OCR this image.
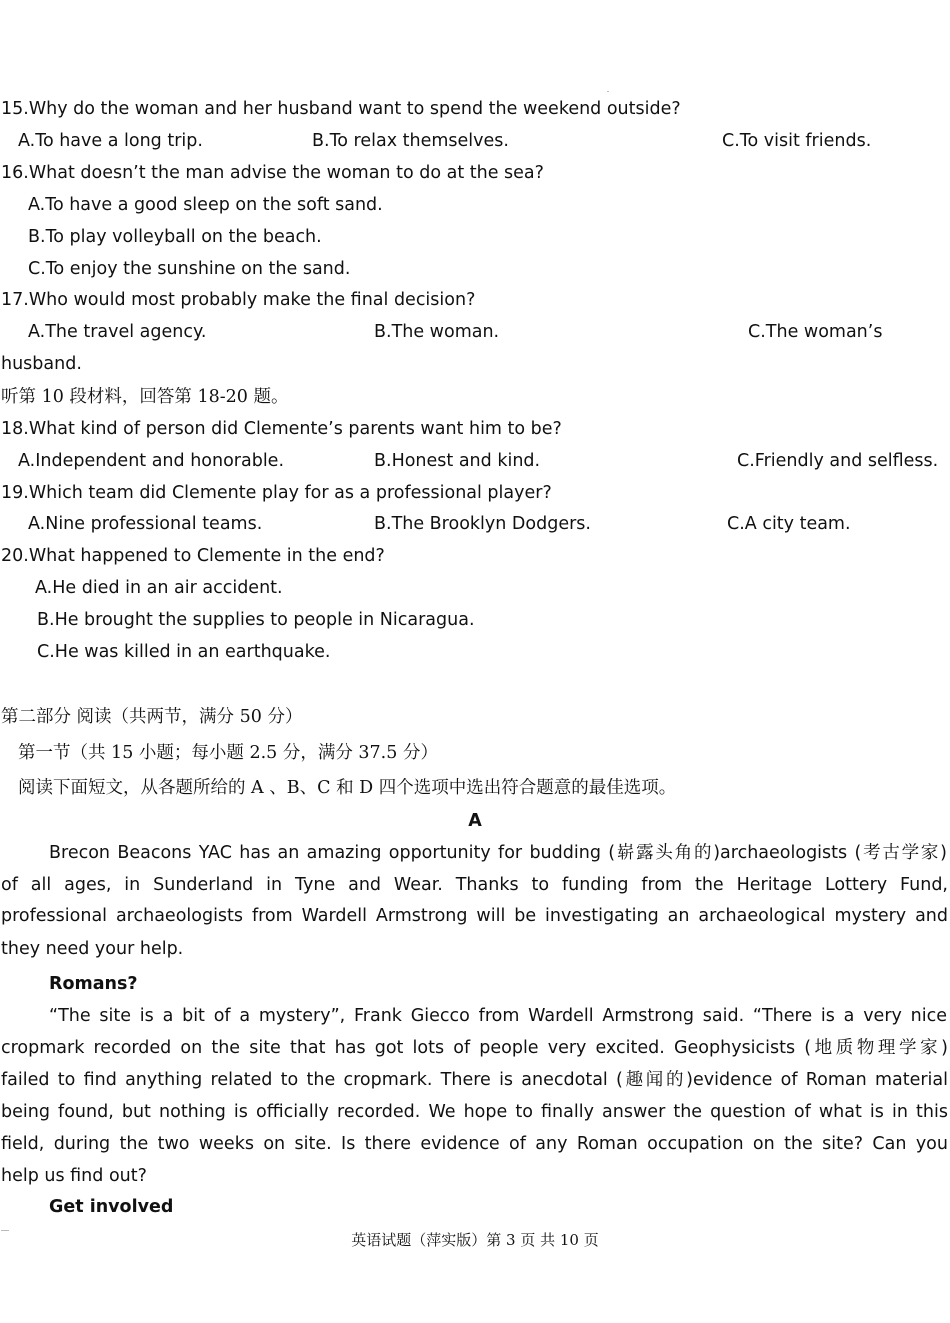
15.Why do the woman and her husband want to spend the weekend outside?
A.To have a long trip.	B.To relax themselves.	C.To visit friends.
16.What doesn’t the man advise the woman to do at the sea?
A.To have a good sleep on the soft sand.
B.To play volleyball on the beach.
C.To enjoy the sunshine on the sand.
17.Who would most probably make the final decision?
A.The travel agency.	B.The woman.	C.The woman’s
husband.
听第 10 段材料，回答第 18-20 题。
18.What kind of person did Clemente’s parents want him to be?
A.Independent and honorable.	B.Honest and kind.	C.Friendly and selfless.
19.Which team did Clemente play for as a professional player?
A.Nine professional teams.	B.The Brooklyn Dodgers.	C.A city team.
20.What happened to Clemente in the end?
A.He died in an air accident.
B.He brought the supplies to people in Nicaragua.
C.He was killed in an earthquake.
第二部分 阅读（共两节，满分 50 分）
第一节（共 15 小题；每小题 2.5 分，满分 37.5 分）
阅读下面短文，从各题所给的 A 、B、C 和 D 四个选项中选出符合题意的最佳选项。
A
Brecon Beacons YAC has an amazing opportunity for budding (崭露头角的)archaeologists (考古学家)
of all ages, in Sunderland in Tyne and Wear. Thanks to funding from the Heritage Lottery Fund,
professional archaeologists from Wardell Armstrong will be investigating an archaeological mystery and
they need your help.
Romans?
“The site is a bit of a mystery”, Frank Giecco from Wardell Armstrong said. “There is a very nice
cropmark recorded on the site that has got lots of people very excited. Geophysicists (地质物理学家)
failed to find anything related to the cropmark. There is anecdotal (趣闻的)evidence of Roman material
being found, but nothing is officially recorded. We hope to finally answer the question of what is in this
field, during the two weeks on site. Is there evidence of any Roman occupation on the site? Can you
help us find out?
Get involved
英语试题（萍实版）第 3 页 共 10 页
